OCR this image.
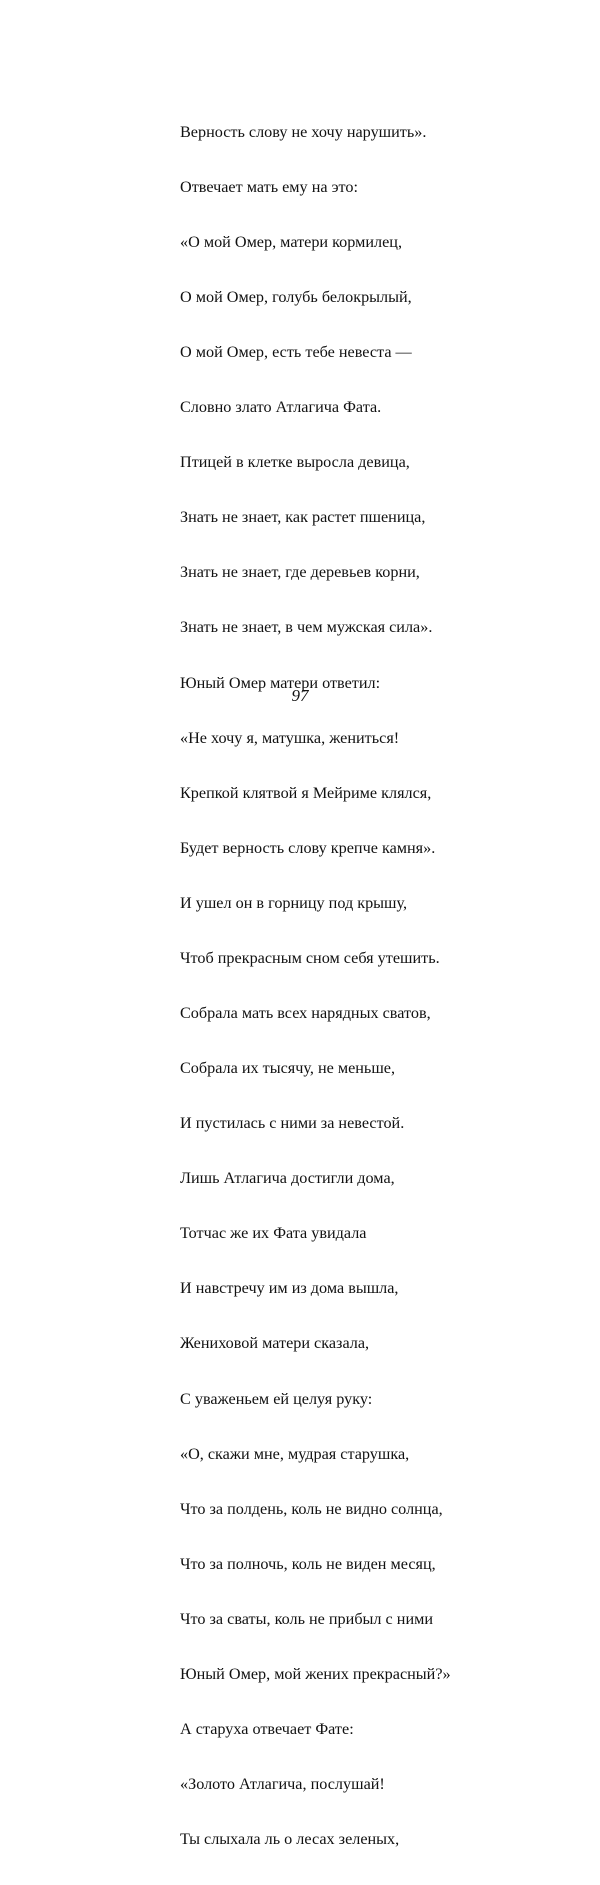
Верность слову не хочу нарушить».

Отвечает мать ему на это:

«О мой Омер, матери кормилец,

О мой Омер, голубь белокрылый,

О мой Омер, есть тебе невеста —

Словно злато Атлагича Фата.

Птицей в клетке выросла девица,

Знать не знает, как растет пшеница,

Знать не знает, где деревьев корни,

Знать не знает, в чем мужская сила».

Юный Омер матери ответил:

«Не хочу я, матушка, жениться!

Крепкой клятвой я Мейриме клялся,

Будет верность слову крепче камня».

И ушел он в горницу под крышу,

Чтоб прекрасным сном себя утешить.

Собрала мать всех нарядных сватов,

Собрала их тысячу, не меньше,

И пустилась с ними за невестой.

Лишь Атлагича достигли дома,

Тотчас же их Фата увидала

И навстречу им из дома вышла,

Жениховой матери сказала,

С уваженьем ей целуя руку:

«О, скажи мне, мудрая старушка,

Что за полдень, коль не видно солнца,

Что за полночь, коль не виден месяц,

Что за сваты, коль не прибыл с ними

Юный Омер, мой жених прекрасный?»

А старуха отвечает Фате:

«Золото Атлагича, послушай!

Ты слыхала ль о лесах зеленых,

97
